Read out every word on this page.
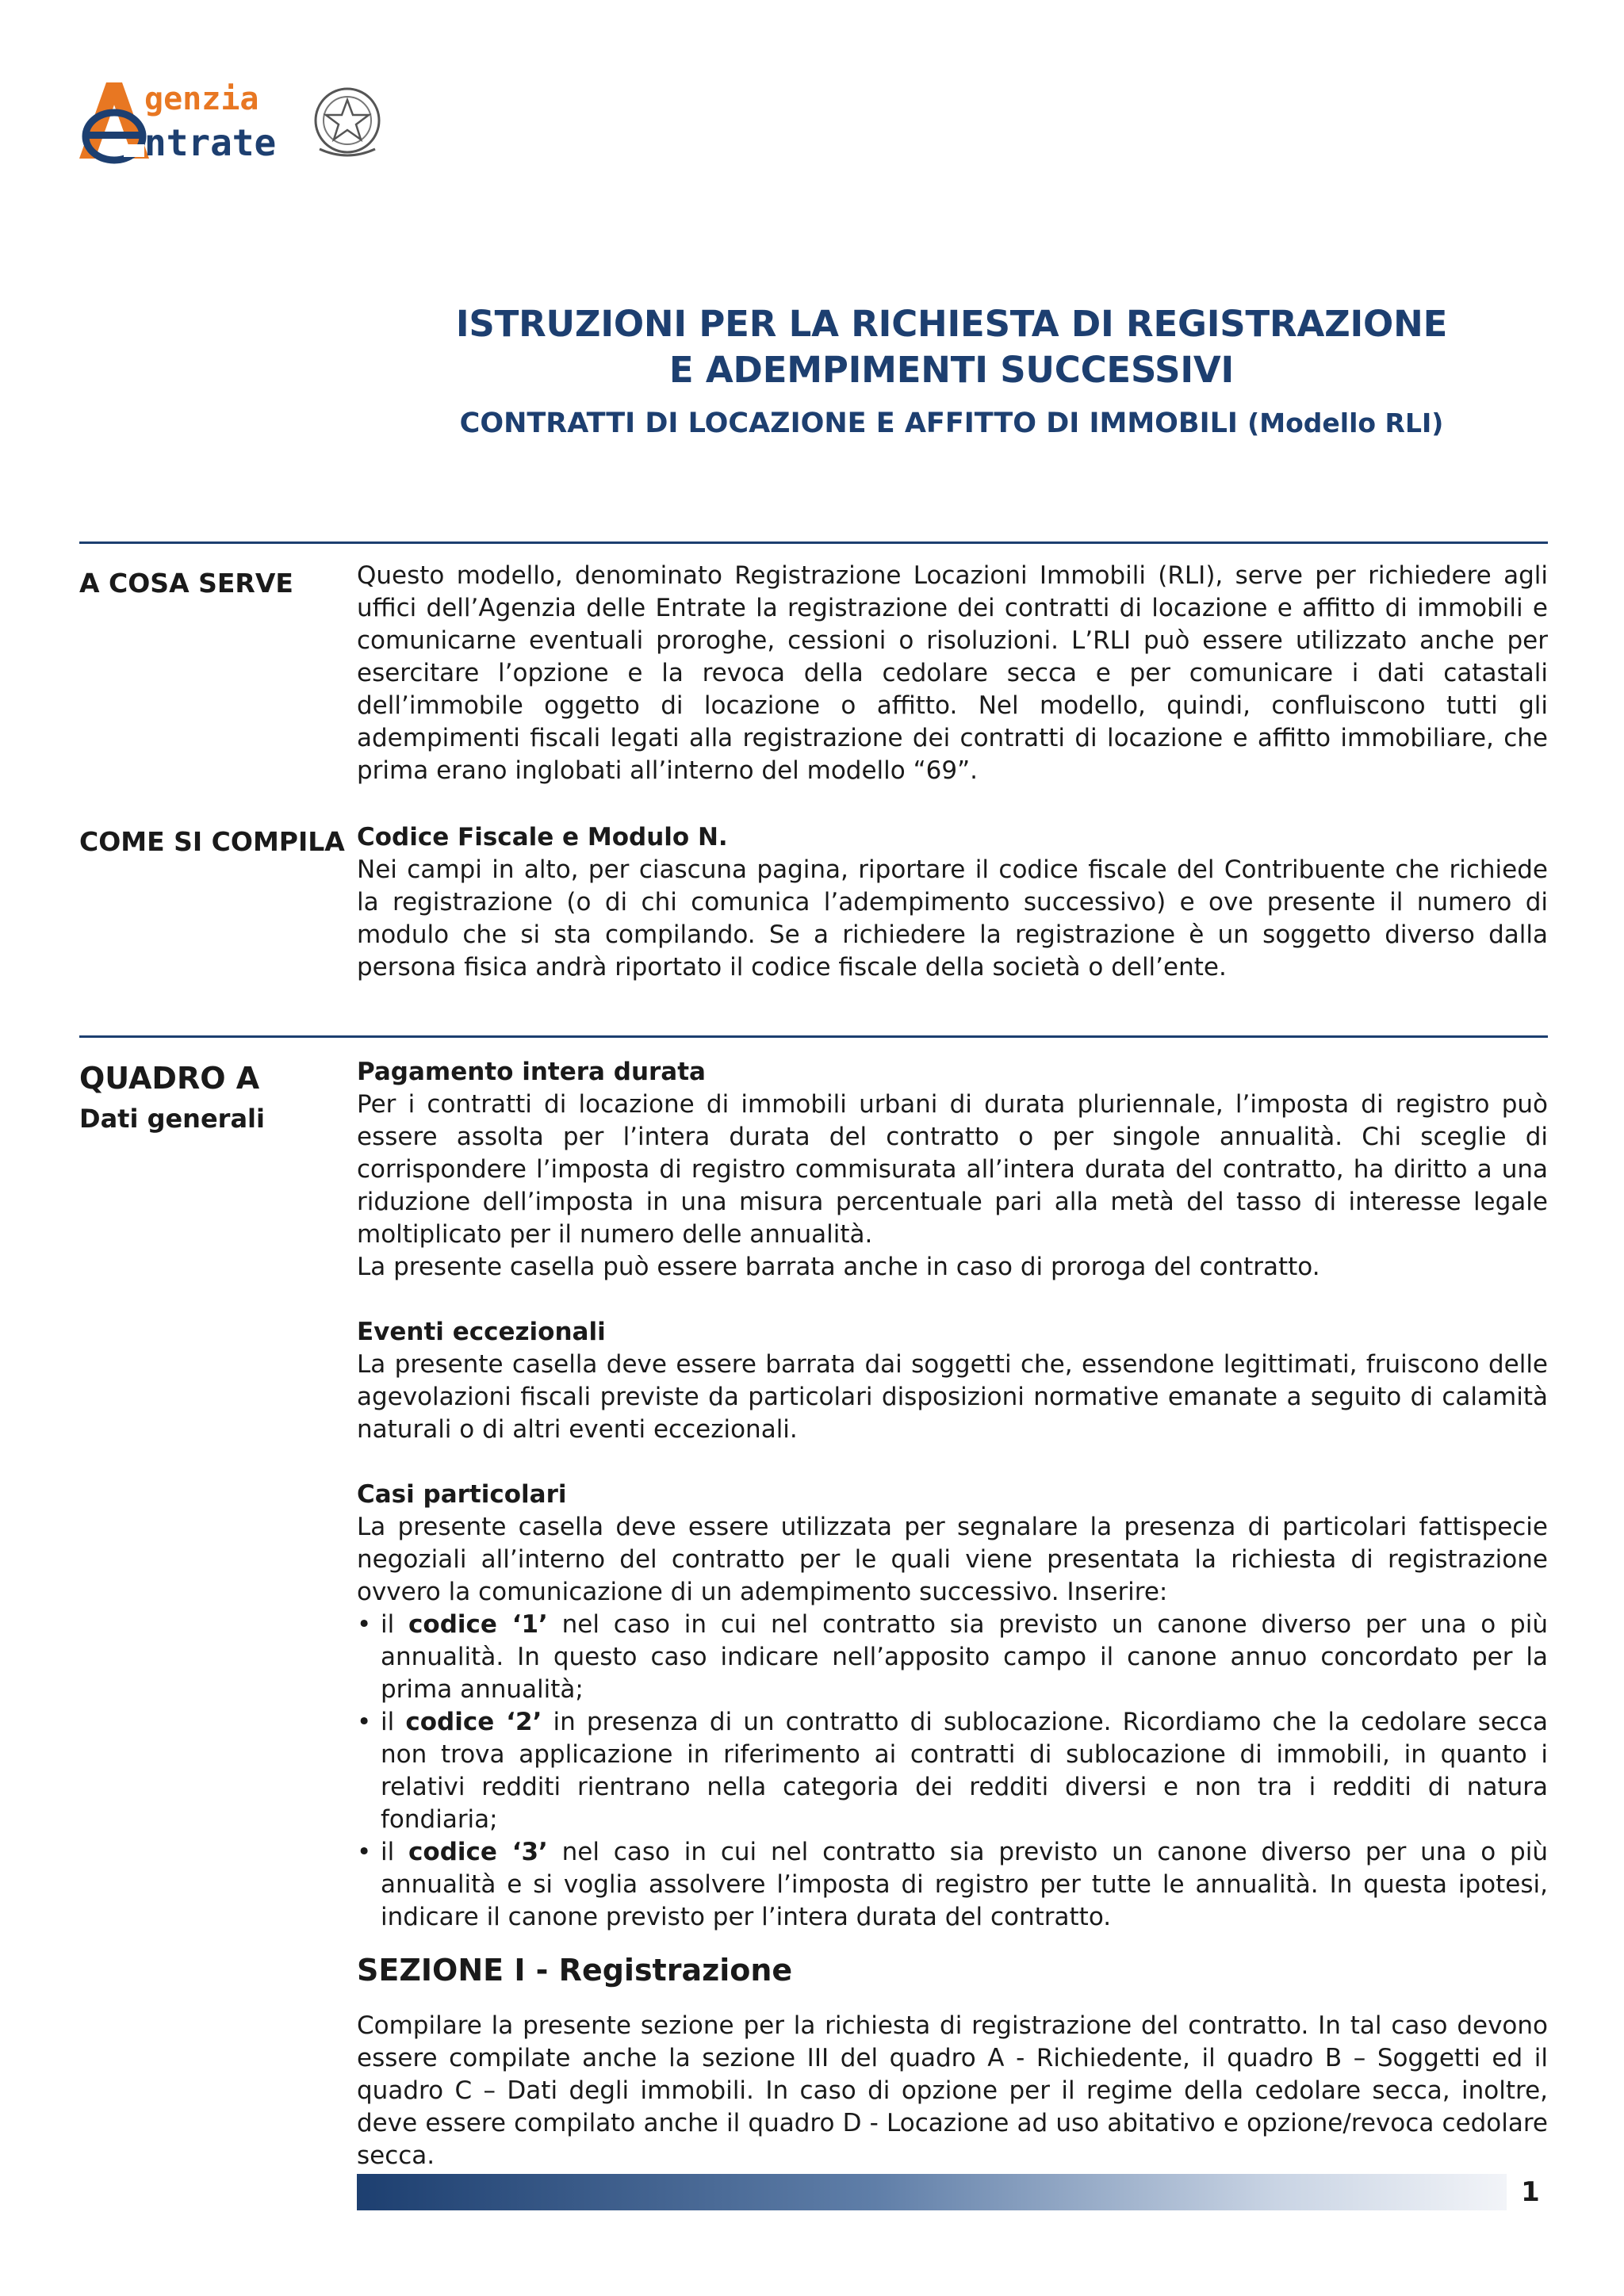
genzia
ntrate
ISTRUZIONI PER LA RICHIESTA DI REGISTRAZIONE
E ADEMPIMENTI SUCCESSIVI
CONTRATTI DI LOCAZIONE E AFFITTO DI IMMOBILI (Modello RLI)
A COSA SERVE	Questo modello, denominato Registrazione Locazioni Immobili (RLI), serve per richiedere agli uffici dell’Agenzia delle Entrate la registrazione dei contratti di locazione e affitto di immobili e comunicarne eventuali proroghe, cessioni o risoluzioni. L’RLI può essere utilizzato anche per esercitare l’opzione e la revoca della cedolare secca e per comunicare i dati catastali dell’immobile oggetto di locazione o affitto. Nel modello, quindi, confluiscono tutti gli adempimenti fiscali legati alla registrazione dei contratti di locazione e affitto immobiliare, che prima erano inglobati all’interno del modello “69”.

COME SI COMPILA Codice Fiscale e Modulo N.

Nei campi in alto, per ciascuna pagina, riportare il codice fiscale del Contribuente che richiede la registrazione (o di chi comunica l’adempimento successivo) e ove presente il numero di modulo che si sta compilando. Se a richiedere la registrazione è un soggetto diverso dalla persona fisica andrà riportato il codice fiscale della società o dell’ente.

QUADRO A
Dati generali

Pagamento intera durata

Per i contratti di locazione di immobili urbani di durata pluriennale, l’imposta di registro può essere assolta per l’intera durata del contratto o per singole annualità. Chi sceglie di corrispondere l’imposta di registro commisurata all’intera durata del contratto, ha diritto a una riduzione dell’imposta in una misura percentuale pari alla metà del tasso di interesse legale moltiplicato per il numero delle annualità.

La presente casella può essere barrata anche in caso di proroga del contratto.

Eventi eccezionali

La presente casella deve essere barrata dai soggetti che, essendone legittimati, fruiscono delle agevolazioni fiscali previste da particolari disposizioni normative emanate a seguito di calamità naturali o di altri eventi eccezionali.

Casi particolari

La presente casella deve essere utilizzata per segnalare la presenza di particolari fattispecie negoziali all’interno del contratto per le quali viene presentata la richiesta di registrazione ovvero la comunicazione di un adempimento successivo. Inserire:

• il codice ‘1’ nel caso in cui nel contratto sia previsto un canone diverso per una o più annualità. In questo caso indicare nell’apposito campo il canone annuo concordato per la prima annualità;
• il codice ‘2’ in presenza di un contratto di sublocazione. Ricordiamo che la cedolare secca non trova applicazione in riferimento ai contratti di sublocazione di immobili, in quanto i relativi redditi rientrano nella categoria dei redditi diversi e non tra i redditi di natura fondiaria;
• il codice ‘3’ nel caso in cui nel contratto sia previsto un canone diverso per una o più annualità e si voglia assolvere l’imposta di registro per tutte le annualità. In questa ipotesi, indicare il canone previsto per l’intera durata del contratto.

SEZIONE I - Registrazione

Compilare la presente sezione per la richiesta di registrazione del contratto. In tal caso devono essere compilate anche la sezione III del quadro A - Richiedente, il quadro B – Soggetti ed il quadro C – Dati degli immobili. In caso di opzione per il regime della cedolare secca, inoltre, deve essere compilato anche il quadro D - Locazione ad uso abitativo e opzione/revoca cedolare secca.

1
